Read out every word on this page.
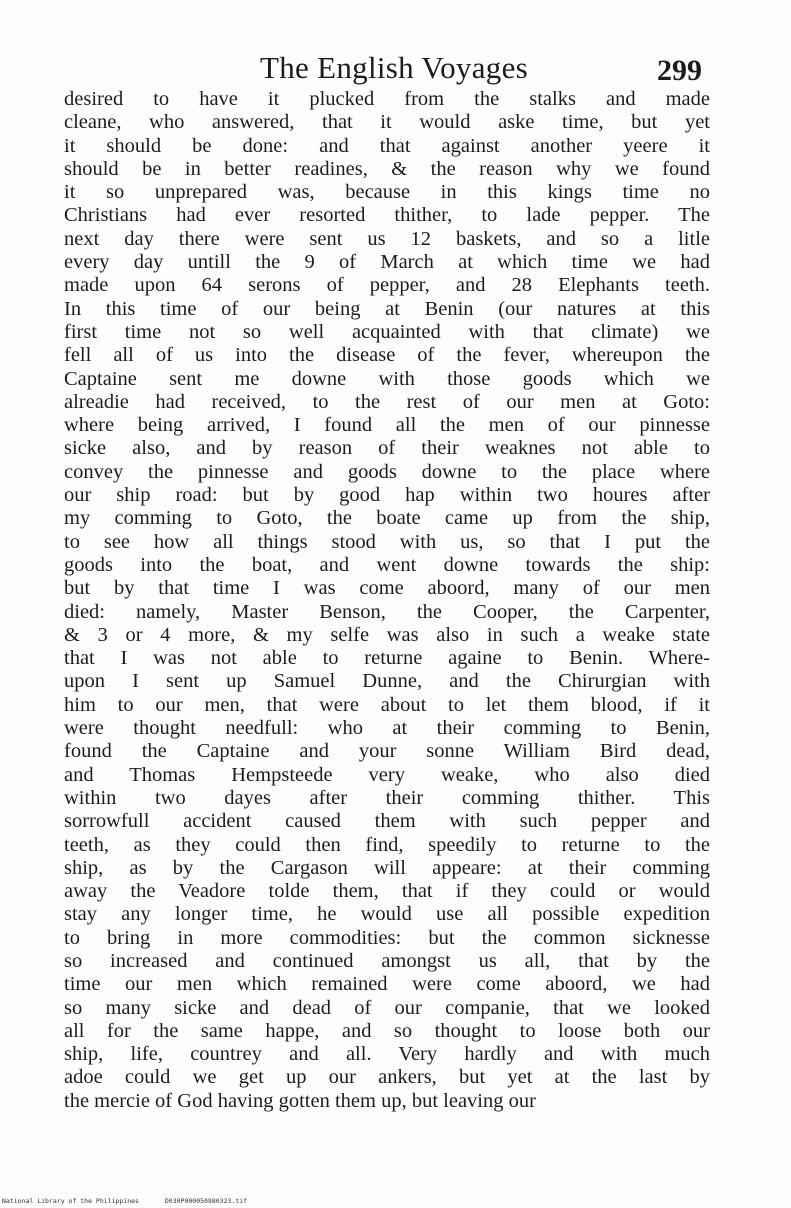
The English Voyages	299
desired to have it plucked from the stalks and made
cleane, who answered, that it would aske time, but yet
it should be done: and that against another yeere it
should be in better readines, & the reason why we found
it so unprepared was, because in this kings time no
Christians had ever resorted thither, to lade pepper. The
next day there were sent us 12 baskets, and so a litle
every day untill the 9 of March at which time we had
made upon 64 serons of pepper, and 28 Elephants teeth.
In this time of our being at Benin (our natures at this
first time not so well acquainted with that climate) we
fell all of us into the disease of the fever, whereupon the
Captaine sent me downe with those goods which we
alreadie had received, to the rest of our men at Goto:
where being arrived, I found all the men of our pinnesse
sicke also, and by reason of their weaknes not able to
convey the pinnesse and goods downe to the place where
our ship road: but by good hap within two houres after
my comming to Goto, the boate came up from the ship,
to see how all things stood with us, so that I put the
goods into the boat, and went downe towards the ship:
but by that time I was come aboord, many of our men
died: namely, Master Benson, the Cooper, the Carpenter,
& 3 or 4 more, & my selfe was also in such a weake state
that I was not able to returne againe to Benin. Where-
upon I sent up Samuel Dunne, and the Chirurgian with
him to our men, that were about to let them blood, if it
were thought needfull: who at their comming to Benin,
found the Captaine and your sonne William Bird dead,
and Thomas Hempsteede very weake, who also died
within two dayes after their comming thither. This
sorrowfull accident caused them with such pepper and
teeth, as they could then find, speedily to returne to the
ship, as by the Cargason will appeare: at their comming
away the Veadore tolde them, that if they could or would
stay any longer time, he would use all possible expedition
to bring in more commodities: but the common sicknesse
so increased and continued amongst us all, that by the
time our men which remained were come aboord, we had
so many sicke and dead of our companie, that we looked
all for the same happe, and so thought to loose both our
ship, life, countrey and all. Very hardly and with much
adoe could we get up our ankers, but yet at the last by
the mercie of God having gotten them up, but leaving our
National Library of the Philippines	D030P000050980323.tif
